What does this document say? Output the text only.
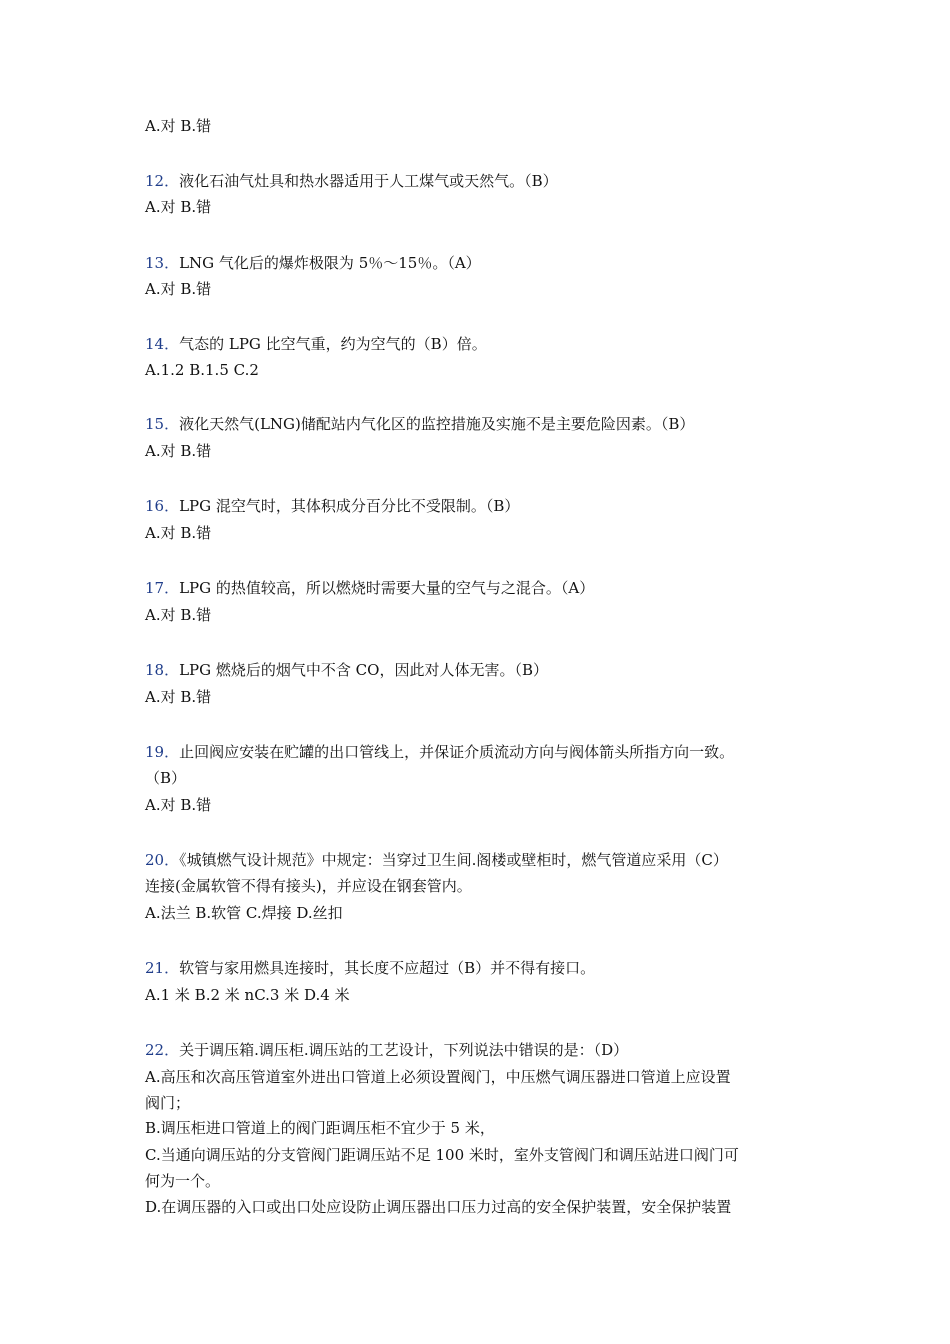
A.对 B.错
12．液化石油气灶具和热水器适用于人工煤气或天然气。（B）
A.对 B.错
13．LNG 气化后的爆炸极限为 5％～15％。（A）
A.对 B.错
14．气态的 LPG 比空气重，约为空气的（B）倍。
A.1.2 B.1.5 C.2
15．液化天然气(LNG)储配站内气化区的监控措施及实施不是主要危险因素。（B）
A.对 B.错
16．LPG 混空气时，其体积成分百分比不受限制。（B）
A.对 B.错
17．LPG 的热值较高，所以燃烧时需要大量的空气与之混合。（A）
A.对 B.错
18．LPG 燃烧后的烟气中不含 CO，因此对人体无害。（B）
A.对 B.错
19．止回阀应安装在贮罐的出口管线上，并保证介质流动方向与阀体箭头所指方向一致。
（B）
A.对 B.错
20．《城镇燃气设计规范》中规定：当穿过卫生间.阁楼或壁柜时，燃气管道应采用（C）
连接(金属软管不得有接头)，并应设在钢套管内。
A.法兰 B.软管 C.焊接 D.丝扣
21．软管与家用燃具连接时，其长度不应超过（B）并不得有接口。
A.1 米 B.2 米 nC.3 米 D.4 米
22．关于调压箱.调压柜.调压站的工艺设计，下列说法中错误的是：（D）
A.高压和次高压管道室外进出口管道上必须设置阀门，中压燃气调压器进口管道上应设置
阀门；
B.调压柜进口管道上的阀门距调压柜不宜少于 5 米，
C.当通向调压站的分支管阀门距调压站不足 100 米时，室外支管阀门和调压站进口阀门可
何为一个。
D.在调压器的入口或出口处应设防止调压器出口压力过高的安全保护装置，安全保护装置
